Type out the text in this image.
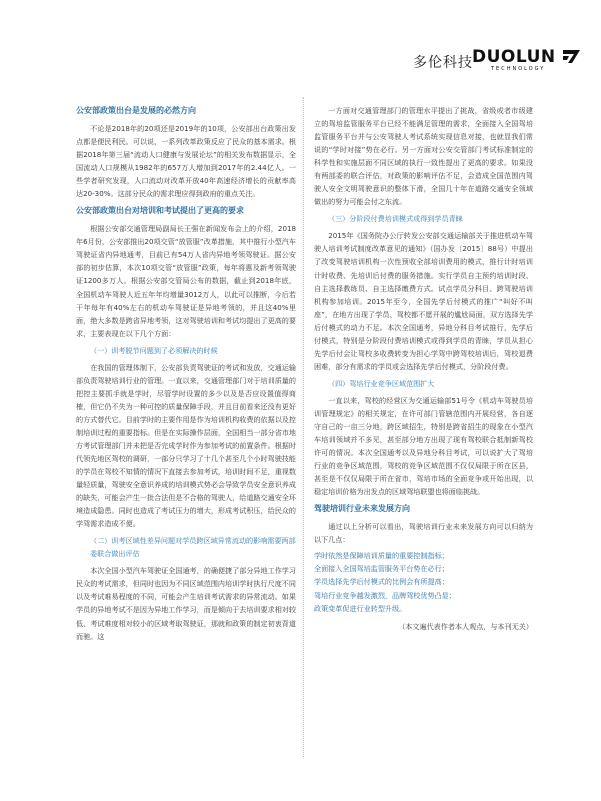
多伦科技 DUOLUN
TECHNOLOGY
公安部政策出台是发展的必然方向

不论是2018年的20项还是2019年的10项，公安部出台政策出发点都是便民利民。可以说，一系列改革政策反应了民众的基本需求。根据2018年第三届“流动人口健康与发展论坛”的相关发布数据显示，全国流动人口规模从1982年的657万人增加到2017年的2.44亿人。一些学者研究发现，人口流动对改革开放40年高速经济增长的贡献率高达20-30%。这部分民众的需求理应得到政府的重点关注。

公安部政策出台对培训和考试提出了更高的要求

根据公安部交通管理局副局长王强在新闻发布会上的介绍，2018年6月份，公安部推出20项交管“放管服”改革措施，其中推行小型汽车驾驶证省内异地通考，目前已有54万人省内异地考领驾驶证。据公安部的初步估算，本次10项交管“放管服”政策，每年将惠及新考领驾驶证1200多万人。根据公安部交管局公布的数据，截止到2018年底，全国机动车驾驶人近五年年均增量3012万人，以此可以推断，今后若干年每年有40%左右的机动车驾驶证是异地考领的，并且这40%里面，绝大多数是跨省异地考领，这对驾驶培训和考试均提出了更高的要求，主要表现在以下几个方面：

（一）训考脱节问题到了必须解决的时候

在我国的管理体制下，公安部负责驾驶证的考试和发放，交通运输部负责驾驶培训行业的管理。一直以来，交通管理部门对于培训质量的把控主要抓手就是学时，尽管学时设置的多少以及是否应设置值得商榷，但它仍不失为一种可控的质量保障手段，并且目前看来还没有更好的方式替代它。目前学时的主要作用是作为培训机构收费的依据以及控制培训过程的重要指标。但是在实际操作层面，全国相当一部分省市地方考试管理部门并未把是否完成学时作为参加考试的前置条件。根据时代领先地区驾校的调研，一部分只学习了十几个甚至几个小时驾驶技能的学员在驾校不知情的情况下直接去参加考试，培训时间不足，重视数量轻质量，驾驶安全意识养成的培训模式势必会导致学员安全意识养成的缺失，可能会产生一批合法但是不合格的驾驶人，给道路交通安全环境造成隐患。同时也造成了考试压力的增大，形成考试积压，给民众的学驾需求造成不便。

（二）训考区域性差异问题对学员跨区域异常流动的影响需要两部委联合做出评估

本次全国小型汽车驾驶证全国通考，的确便捷了部分异地工作学习民众的考试需求，但同时也因为不同区域范围内培训学时执行尺度不同以及考试难易程度的不同，可能会产生培训考试需求的异常流动。如果学员的异地考试不是因为异地工作学习，而是倾向于去培训要求相对较低、考试难度相对较小的区域考取驾驶证，那就和政策的制定初衷背道而驰。这

一方面对交通管理部门的管理水平提出了挑战，省级或者市级建立的驾培监管服务平台已经不能满足管理的需求，全面接入全国驾培监管服务平台并与公安驾驶人考试系统实现信息对接，也就显我们常说的“学时对接”势在必行。另一方面对公安交管部门考试标准制定的科学性和实施层面不同区域的执行一致性提出了更高的要求。如果没有两部委的联合评估，对政策的影响评估不足，会造成全国范围内驾驶人安全文明驾驶意识的整体下滑，全国几十年在道路交通安全领域做出的努力可能会付之东流。

（三）分阶段付费培训模式或得到学员青睐

2015年《国务院办公厅转发公安部交通运输部关于推进机动车驾驶人培训考试制度改革意见的通知》（国办发〔2015〕88号）中提出了改变驾驶培训机构一次性预收全部培训费用的模式，推行计时培训计时收费、先培训后付费的服务措施。实行学员自主预约培训时段、自主选择教练员、自主选择缴费方式。试点学员分科目、跨驾驶培训机构参加培训。2015年至今，全国先学后付模式的推广“叫好不叫座”，在地方出现了学员、驾校都不愿开展的尴尬局面，双方选择先学后付模式的动力不足。本次全国通考，异地分科目考试推行，先学后付模式，特别是分阶段付费培训模式或得到学员的青睐，学员从担心先学后付会让驾校多收费转变为担心学驾中跨驾校培训后，驾校退费困难，部分有需求的学员或会选择先学后付模式，分阶段付费。

（四）驾培行业竞争区域范围扩大

一直以来，驾校的经营区为交通运输部51号令《机动车驾驶员培训管理规定》的相关规定，在许可部门管辖范围内开展经营，各自逐守自己的一亩三分地，跨区域招生，特别是跨省招生的现象在小型汽车培训领域并不多见，甚至部分地方出现了现有驾校联合抵制新驾校许可的情况。本次全国通考以及异地分科目考试，可以说扩大了驾培行业的竞争区域范围，驾校的竞争区域范围不仅仅局限于所在区县，甚至是不仅仅局限于所在省市，驾培市场的全面竞争或开始出现，以稳定培训价格为出发点的区域驾培联盟也将面临挑战。

驾驶培训行业未来发展方向

通过以上分析可以看出，驾驶培训行业未来发展方向可以归纳为以下几点：

学时依然是保障培训质量的重要控制指标；
全面接入全国驾培监管服务平台势在必行；
学员选择先学后付模式的比例会有所提高；
驾培行业竞争越发激烈，品牌驾校优势凸显；
政策变革促进行业转型升级。
（本文遍代表作者本人观点，与本刊无关）
